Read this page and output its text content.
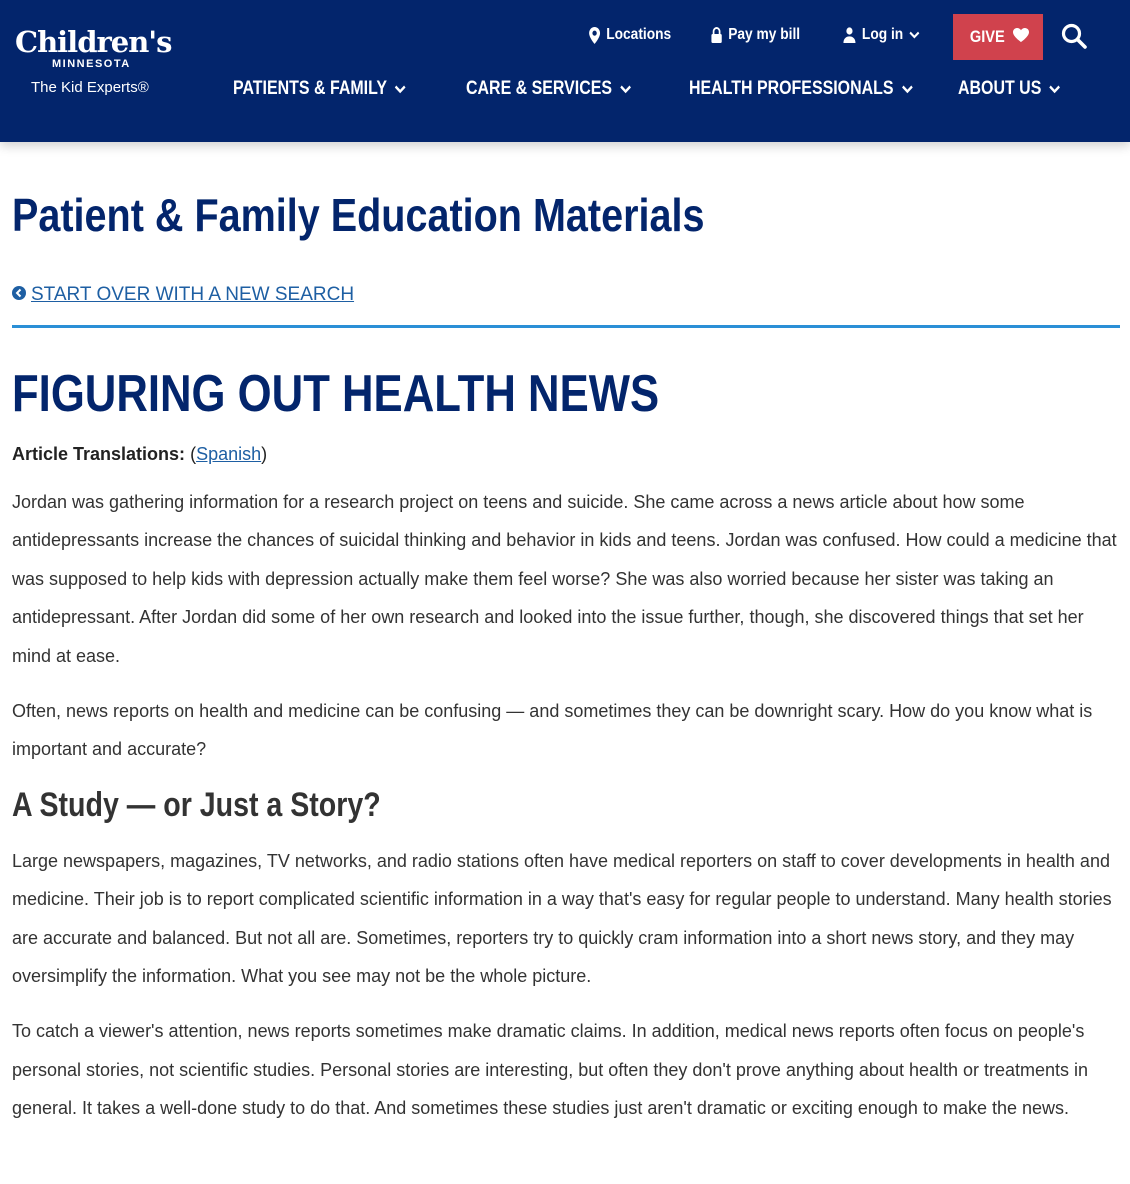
Children's
MINNESOTA
The Kid Experts®
Locations	Pay my bill	Log in	GIVE
PATIENTS & FAMILY	CARE & SERVICES	HEALTH PROFESSIONALS	ABOUT US
Patient & Family Education Materials
START OVER WITH A NEW SEARCH
FIGURING OUT HEALTH NEWS
Article Translations: (Spanish)

Jordan was gathering information for a research project on teens and suicide. She came across a news article about how some antidepressants increase the chances of suicidal thinking and behavior in kids and teens. Jordan was confused. How could a medicine that was supposed to help kids with depression actually make them feel worse? She was also worried because her sister was taking an antidepressant. After Jordan did some of her own research and looked into the issue further, though, she discovered things that set her mind at ease.

Often, news reports on health and medicine can be confusing — and sometimes they can be downright scary. How do you know what is important and accurate?

A Study — or Just a Story?

Large newspapers, magazines, TV networks, and radio stations often have medical reporters on staff to cover developments in health and medicine. Their job is to report complicated scientific information in a way that's easy for regular people to understand. Many health stories are accurate and balanced. But not all are. Sometimes, reporters try to quickly cram information into a short news story, and they may oversimplify the information. What you see may not be the whole picture.

To catch a viewer's attention, news reports sometimes make dramatic claims. In addition, medical news reports often focus on people's personal stories, not scientific studies. Personal stories are interesting, but often they don't prove anything about health or treatments in general. It takes a well-done study to do that. And sometimes these studies just aren't dramatic or exciting enough to make the news.
